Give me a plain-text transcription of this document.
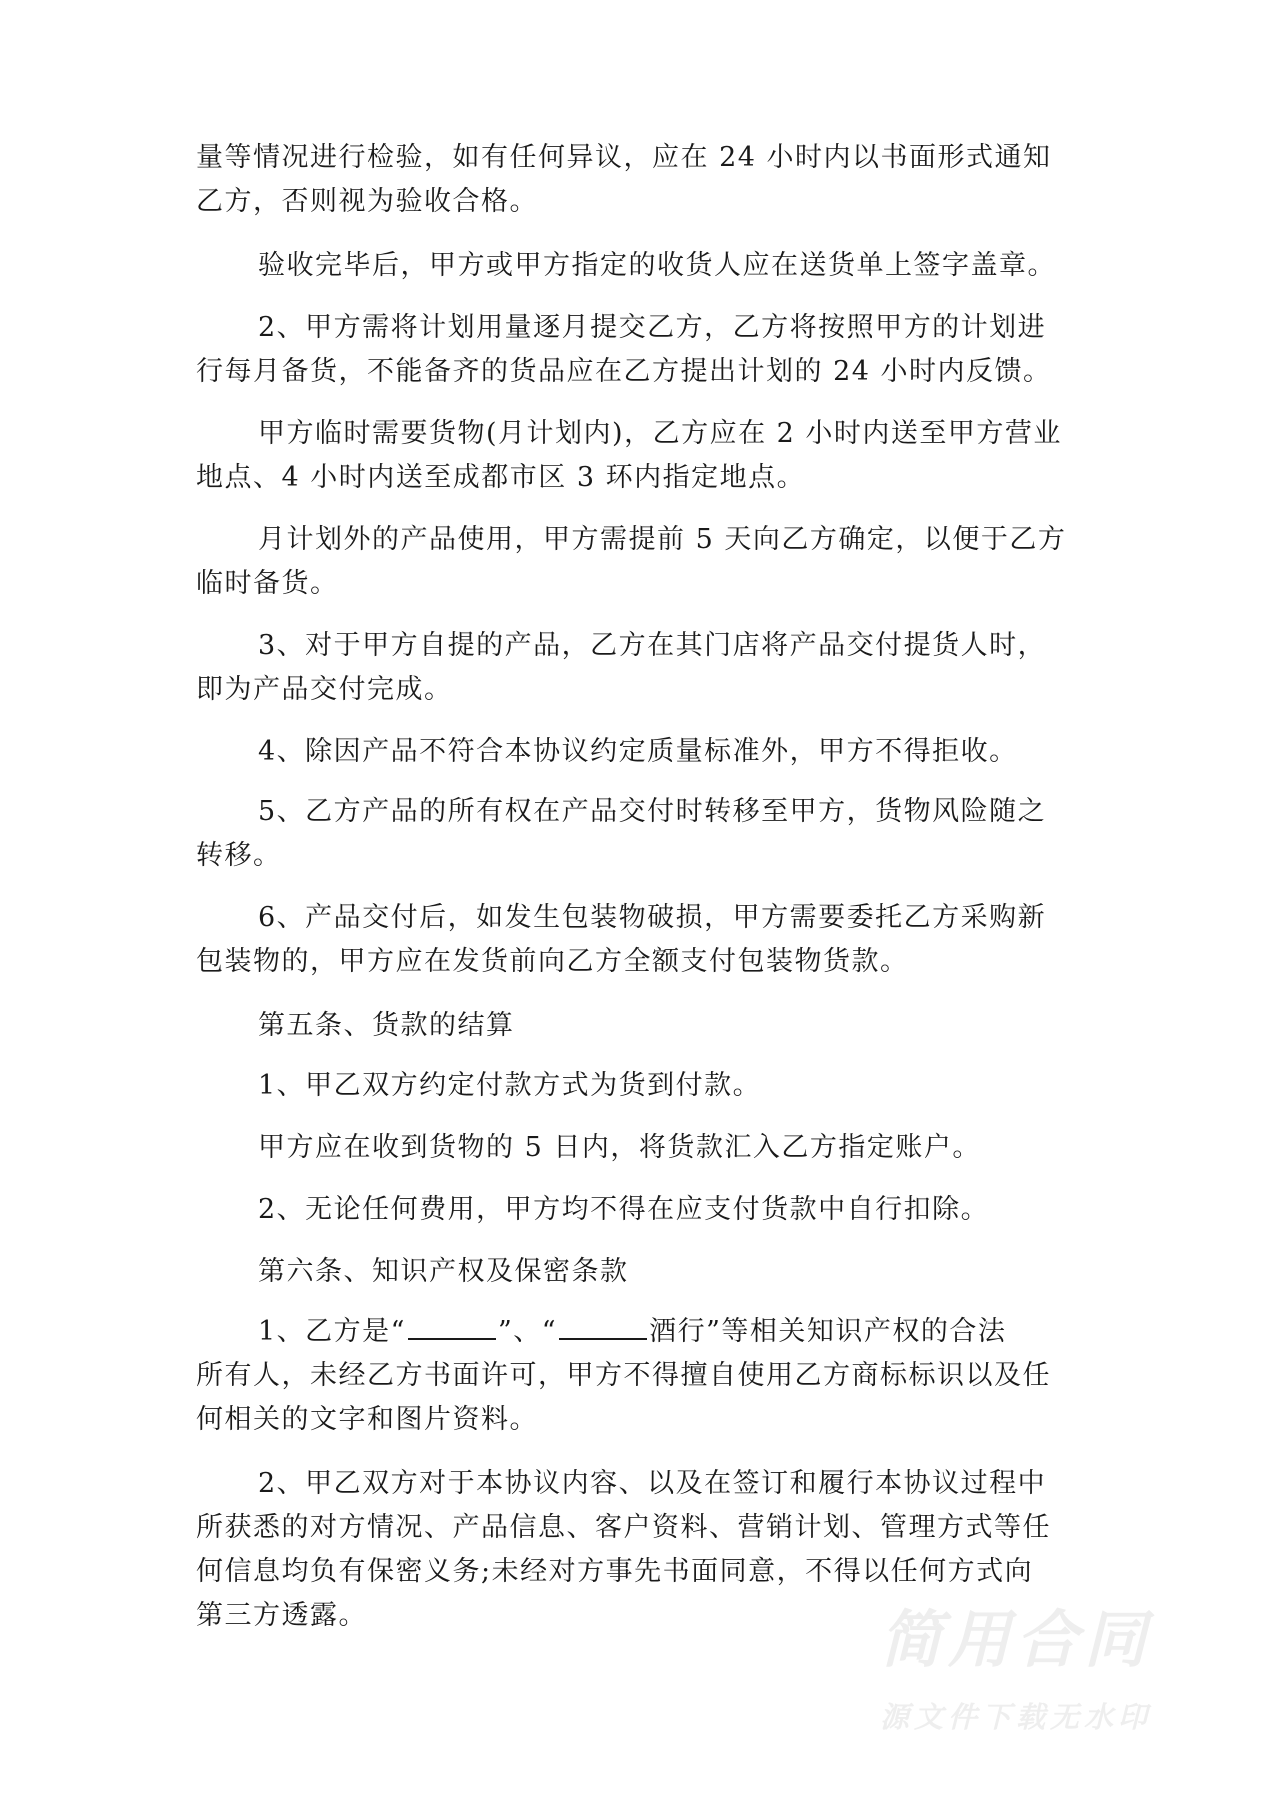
量等情况进行检验，如有任何异议，应在 24 小时内以书面形式通知
乙方，否则视为验收合格。
验收完毕后，甲方或甲方指定的收货人应在送货单上签字盖章。
2、甲方需将计划用量逐月提交乙方，乙方将按照甲方的计划进
行每月备货，不能备齐的货品应在乙方提出计划的 24 小时内反馈。
甲方临时需要货物(月计划内)，乙方应在 2 小时内送至甲方营业
地点、4 小时内送至成都市区 3 环内指定地点。
月计划外的产品使用，甲方需提前 5 天向乙方确定，以便于乙方
临时备货。
3、对于甲方自提的产品，乙方在其门店将产品交付提货人时，
即为产品交付完成。
4、除因产品不符合本协议约定质量标准外，甲方不得拒收。
5、乙方产品的所有权在产品交付时转移至甲方，货物风险随之
转移。
6、产品交付后，如发生包装物破损，甲方需要委托乙方采购新
包装物的，甲方应在发货前向乙方全额支付包装物货款。
第五条、货款的结算
1、甲乙双方约定付款方式为货到付款。
甲方应在收到货物的 5 日内，将货款汇入乙方指定账户。
2、无论任何费用，甲方均不得在应支付货款中自行扣除。
第六条、知识产权及保密条款
1、乙方是“	”、“	酒行”等相关知识产权的合法
所有人，未经乙方书面许可，甲方不得擅自使用乙方商标标识以及任
何相关的文字和图片资料。
2、甲乙双方对于本协议内容、以及在签订和履行本协议过程中
所获悉的对方情况、产品信息、客户资料、营销计划、管理方式等任
何信息均负有保密义务;未经对方事先书面同意，不得以任何方式向
第三方透露。	简用合同
源文件下载无水印
